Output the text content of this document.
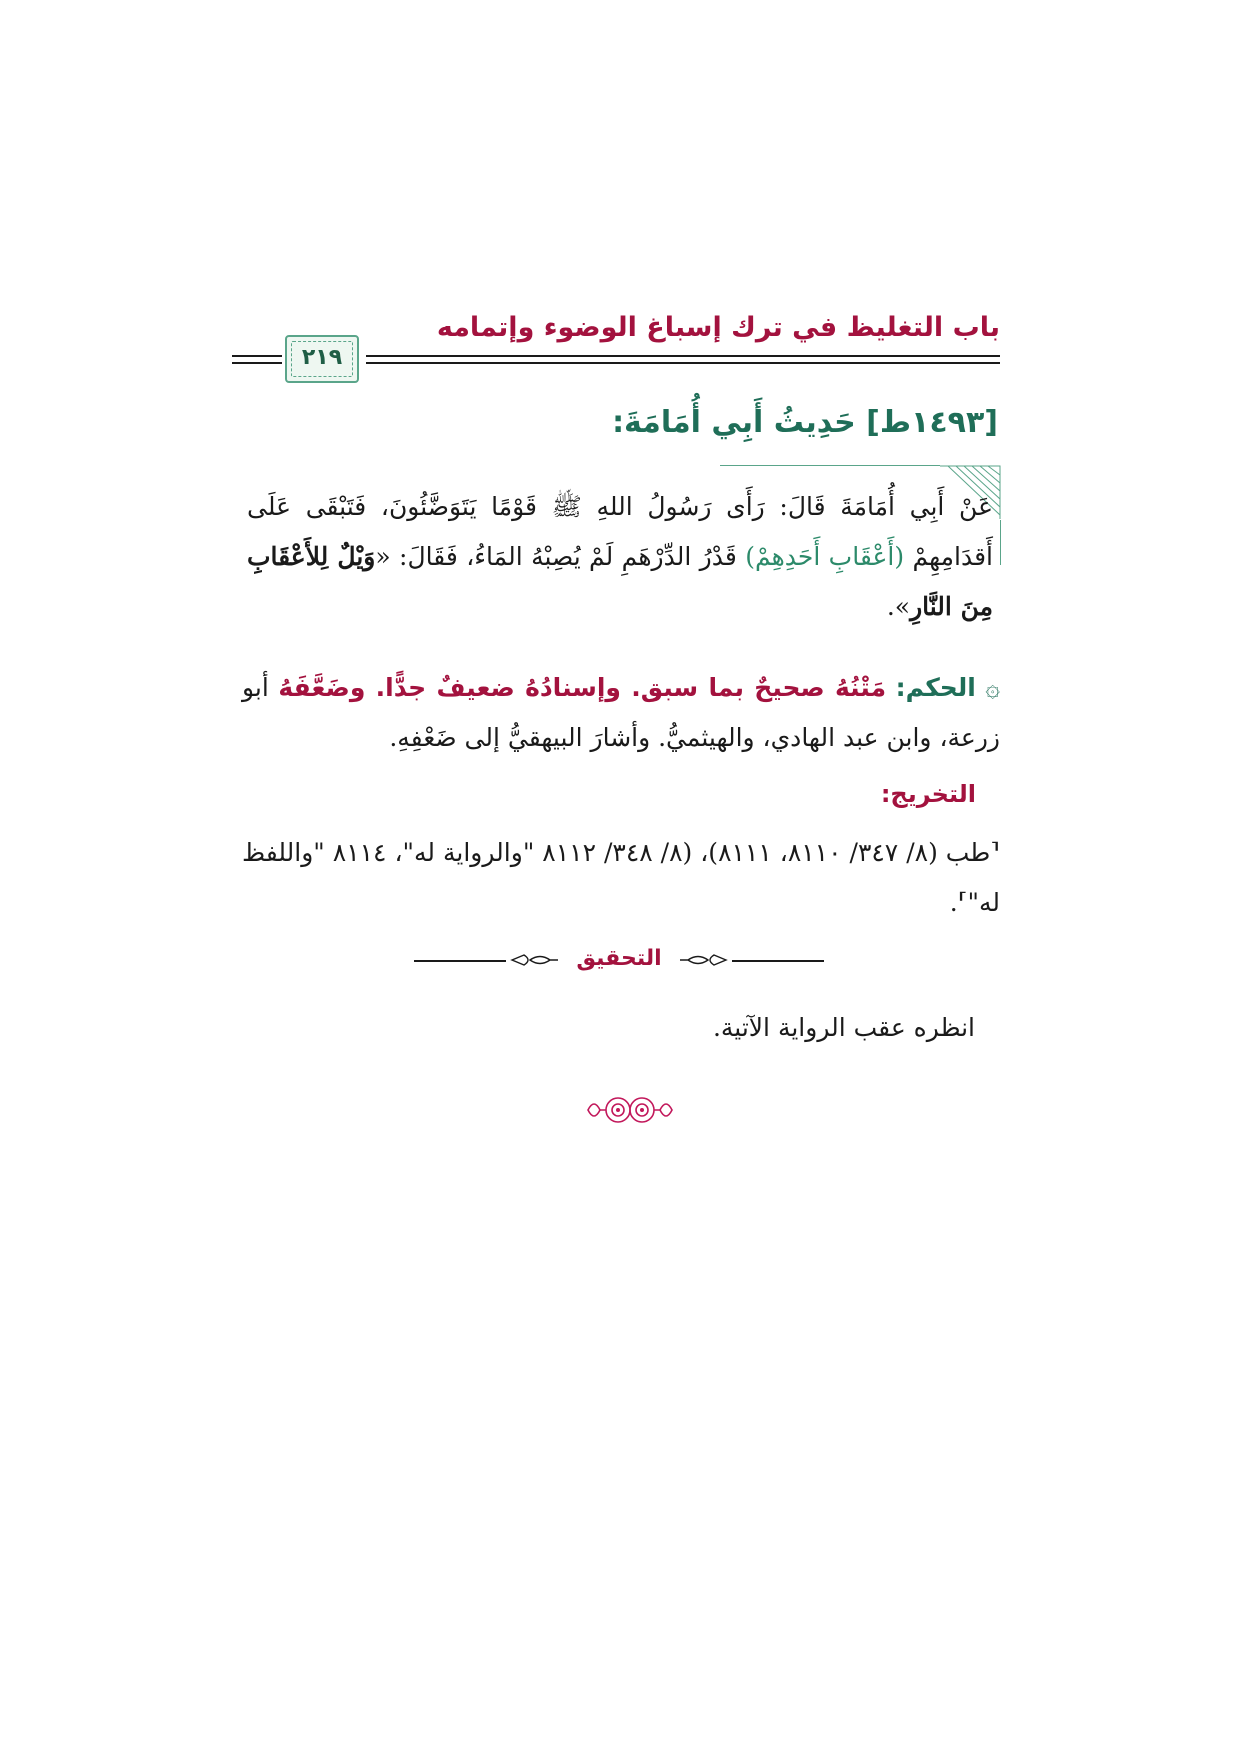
باب التغليظ في ترك إسباغ الوضوء وإتمامه
٢١٩
[١٤٩٣ط] حَدِيثُ أَبِي أُمَامَةَ:
عَنْ أَبِي أُمَامَةَ قَالَ: رَأَى رَسُولُ اللهِ ﷺ قَوْمًا يَتَوَضَّئُونَ، فَتَبْقَى عَلَى أَقدَامِهِمْ (أَعْقَابِ أَحَدِهِمْ) قَدْرُ الدِّرْهَمِ لَمْ يُصِبْهُ المَاءُ، فَقَالَ: «وَيْلٌ لِلأَعْقَابِ مِنَ النَّارِ».
۞ الحكم: مَتْنُهُ صحيحٌ بما سبق. وإسنادُهُ ضعيفٌ جدًّا. وضَعَّفَهُ أبو زرعة، وابن عبد الهادي، والهيثميُّ. وأشارَ البيهقيُّ إلى ضَعْفِهِ.
التخريج:
⸢طب (٨/ ٣٤٧/ ٨١١٠، ٨١١١)، (٨/ ٣٤٨/ ٨١١٢ "والرواية له"، ٨١١٤ "واللفظ له"⸣.
التحقيق
انظره عقب الرواية الآتية.
